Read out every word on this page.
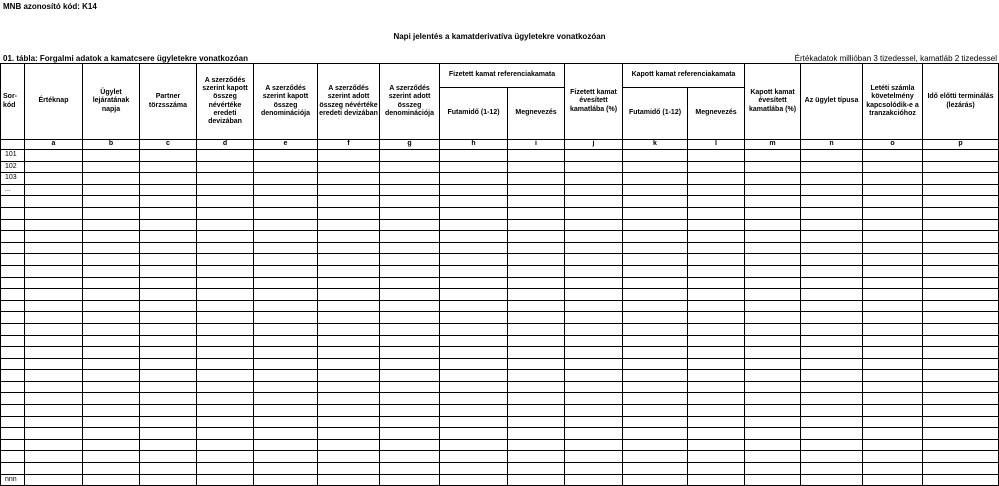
MNB azonosító kód: K14
Napi jelentés a kamatderivatíva ügyletekre vonatkozóan
01. tábla: Forgalmi adatok a kamatcsere ügyletekre vonatkozóan	Értékadatok millióban 3 tizedessel, kamatláb 2 tizedessel
Sor-kód	Értéknap	Ügylet lejáratának napja	Partner törzsszáma	A szerződés szerint kapott összeg névértéke eredeti devizában	A szerződés szerint kapott összeg denominációja	A szerződés szerint adott összeg névértéke eredeti devizában	A szerződés szerint adott összeg denominációja	Fizetett kamat referenciakamata		Fizetett kamat évesített kamatlába (%)	Kapott kamat referenciakamata		Kapott kamat évesített kamatlába (%)	Az ügylet típusa	Letéti számla követelmény kapcsolódik-e a tranzakcióhoz	Idő előtti terminálás (lezárás)
								Futamidő (1-12)	Megnevezés		Futamidő (1-12)	Megnevezés				
	a	b	c	d	e	f	g	h	i	j	k	l	m	n	o	p
101																
102																
103																
...																

nnn																
